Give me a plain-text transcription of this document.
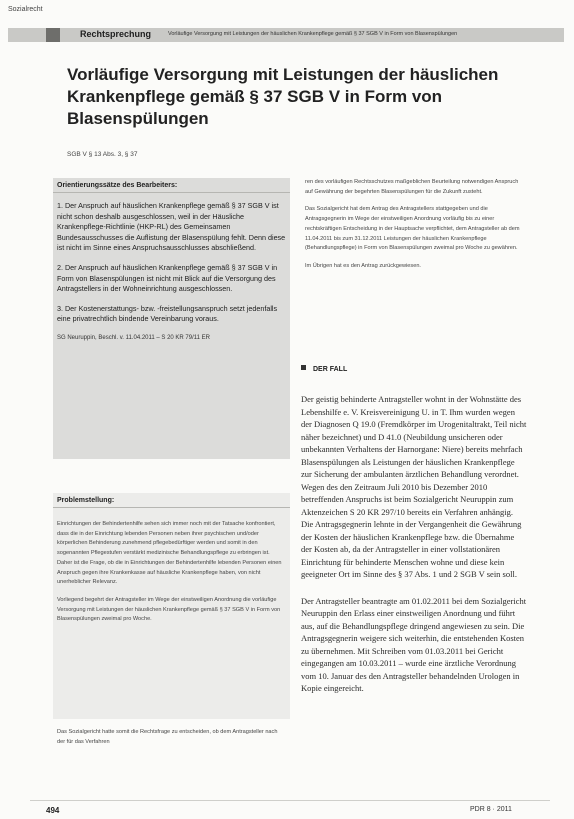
Sozialrecht
Rechtsprechung	Vorläufige Versorgung mit Leistungen der häuslichen Krankenpflege gemäß § 37 SGB V in Form von Blasenspülungen
Vorläufige Versorgung mit Leistungen der häuslichen Krankenpflege gemäß § 37 SGB V in Form von Blasenspülungen
SGB V § 13 Abs. 3, § 37
Orientierungssätze des Bearbeiters:

1. Der Anspruch auf häuslichen Krankenpflege gemäß § 37 SGB V ist nicht schon deshalb ausgeschlossen, weil in der Häusliche Krankenpflege-Richtlinie (HKP-RL) des Gemeinsamen Bundesausschusses die Auflistung der Blasenspülung fehlt. Denn diese ist nicht im Sinne eines Anspruchsausschlusses abschließend.

2. Der Anspruch auf häuslichen Krankenpflege gemäß § 37 SGB V in Form von Blasenspülungen ist nicht mit Blick auf die Versorgung des Antragstellers in der Wohneinrichtung ausgeschlossen.

3. Der Kostenerstattungs- bzw. -freistellungsanspruch setzt jedenfalls eine privatrechtlich bindende Vereinbarung voraus.

SG Neuruppin, Beschl. v. 11.04.2011 – S 20 KR 79/11 ER

Problemstellung:

Einrichtungen der Behindertenhilfe sehen sich immer noch mit der Tatsache konfrontiert, dass die in der Einrichtung lebenden Personen neben ihrer psychischen und/oder körperlichen Behinderung zunehmend pflegebedürftiger werden und somit in den sogenannten Pflegestufen verstärkt medizinische Behandlungspflege zu erbringen ist. Daher ist die Frage, ob die in Einrichtungen der Behindertenhilfe lebenden Personen einen Anspruch gegen ihre Krankenkasse auf häusliche Krankenpflege haben, von nicht unerheblicher Relevanz.

Vorliegend begehrt der Antragsteller im Wege der einstweiligen Anordnung die vorläufige Versorgung mit Leistungen der häuslichen Krankenpflege gemäß § 37 SGB V in Form von Blasenspülungen zweimal pro Woche.

Das Sozialgericht hatte somit die Rechtsfrage zu entscheiden, ob dem Antragsteller nach der für das Verfahren

ren des vorläufigen Rechtsschutzes maßgeblichen Beurteilung notwendigen Anspruch auf Gewährung der begehrten Blasenspülungen für die Zukunft zusteht.

Das Sozialgericht hat dem Antrag des Antragstellers stattgegeben und die Antragsgegnerin im Wege der einstweiligen Anordnung vorläufig bis zu einer rechtskräftigen Entscheidung in der Hauptsache verpflichtet, dem Antragsteller ab dem 11.04.2011 bis zum 31.12.2011 Leistungen der häuslichen Krankenpflege (Behandlungspflege) in Form von Blasenspülungen zweimal pro Woche zu gewähren.

Im Übrigen hat es den Antrag zurückgewiesen.

DER FALL

Der geistig behinderte Antragsteller wohnt in der Wohnstätte des Lebenshilfe e. V. Kreisvereinigung U. in T. Ihm wurden wegen der Diagnosen Q 19.0 (Fremdkörper im Urogenitaltrakt, Teil nicht näher bezeichnet) und D 41.0 (Neubildung unsicheren oder unbekannten Verhaltens der Harnorgane: Niere) bereits mehrfach Blasenspülungen als Leistungen der häuslichen Krankenpflege zur Sicherung der ambulanten ärztlichen Behandlung verordnet. Wegen des den Zeitraum Juli 2010 bis Dezember 2010 betreffenden Anspruchs ist beim Sozialgericht Neuruppin zum Aktenzeichen S 20 KR 297/10 bereits ein Verfahren anhängig. Die Antragsgegnerin lehnte in der Vergangenheit die Gewährung der Kosten der häuslichen Krankenpflege bzw. die Übernahme der Kosten ab, da der Antragsteller in einer vollstationären Einrichtung für behinderte Menschen wohne und diese kein geeigneter Ort im Sinne des § 37 Abs. 1 und 2 SGB V sein soll.

Der Antragsteller beantragte am 01.02.2011 bei dem Sozialgericht Neuruppin den Erlass einer einstweiligen Anordnung und führt aus, auf die Behandlungspflege dringend angewiesen zu sein. Die Antragsgegnerin weigere sich weiterhin, die entstehenden Kosten zu übernehmen. Mit Schreiben vom 01.03.2011 bei Gericht eingegangen am 10.03.2011 – wurde eine ärztliche Verordnung vom 10. Januar des den Antragsteller behandelnden Urologen in Kopie eingereicht.

494	PDR 8 · 2011
